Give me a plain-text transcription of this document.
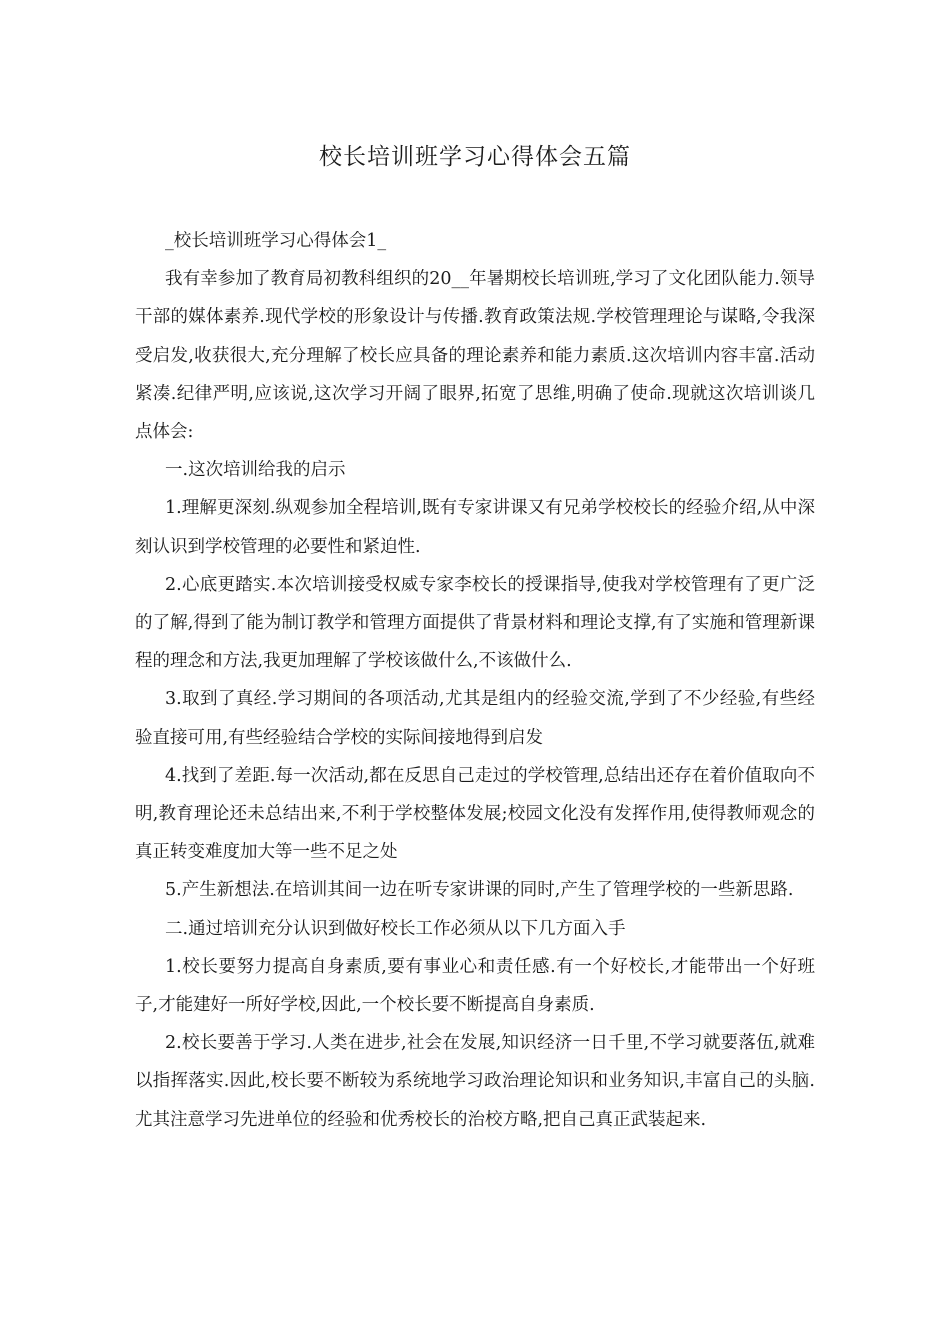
校长培训班学习心得体会五篇

_校长培训班学习心得体会1_

我有幸参加了教育局初教科组织的20__年暑期校长培训班,学习了文化团队能力.领导干部的媒体素养.现代学校的形象设计与传播.教育政策法规.学校管理理论与谋略,令我深受启发,收获很大,充分理解了校长应具备的理论素养和能力素质.这次培训内容丰富.活动紧凑.纪律严明,应该说,这次学习开阔了眼界,拓宽了思维,明确了使命.现就这次培训谈几点体会:

一.这次培训给我的启示

1.理解更深刻.纵观参加全程培训,既有专家讲课又有兄弟学校校长的经验介绍,从中深刻认识到学校管理的必要性和紧迫性.

2.心底更踏实.本次培训接受权威专家李校长的授课指导,使我对学校管理有了更广泛的了解,得到了能为制订教学和管理方面提供了背景材料和理论支撑,有了实施和管理新课程的理念和方法,我更加理解了学校该做什么,不该做什么.

3.取到了真经.学习期间的各项活动,尤其是组内的经验交流,学到了不少经验,有些经验直接可用,有些经验结合学校的实际间接地得到启发

4.找到了差距.每一次活动,都在反思自己走过的学校管理,总结出还存在着价值取向不明,教育理论还未总结出来,不利于学校整体发展;校园文化没有发挥作用,使得教师观念的真正转变难度加大等一些不足之处

5.产生新想法.在培训其间一边在听专家讲课的同时,产生了管理学校的一些新思路.

二.通过培训充分认识到做好校长工作必须从以下几方面入手

1.校长要努力提高自身素质,要有事业心和责任感.有一个好校长,才能带出一个好班子,才能建好一所好学校,因此,一个校长要不断提高自身素质.

2.校长要善于学习.人类在进步,社会在发展,知识经济一日千里,不学习就要落伍,就难以指挥落实.因此,校长要不断较为系统地学习政治理论知识和业务知识,丰富自己的头脑.尤其注意学习先进单位的经验和优秀校长的治校方略,把自己真正武装起来.
